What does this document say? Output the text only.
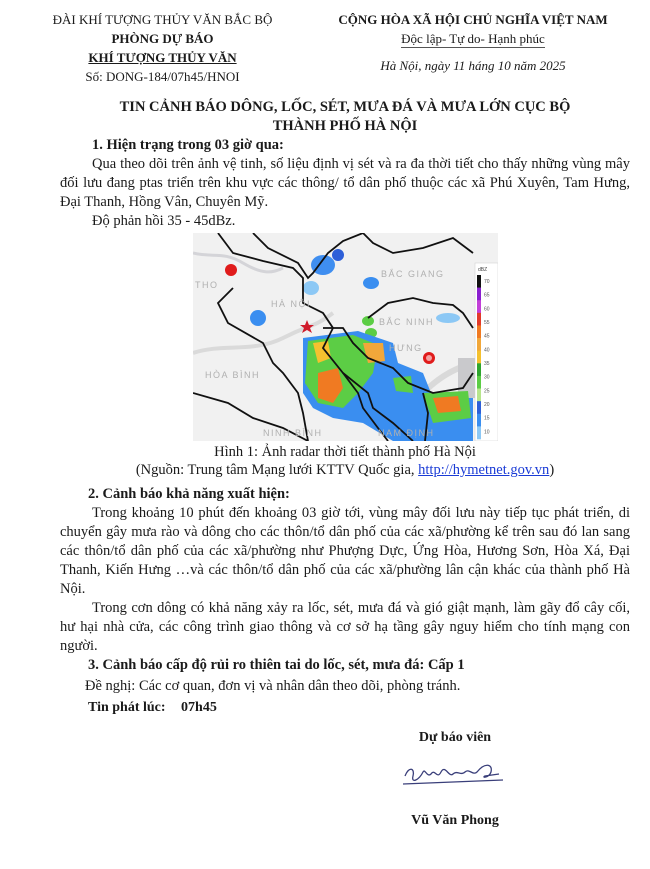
ĐÀI KHÍ TƯỢNG THỦY VĂN BẮC BỘ
PHÒNG DỰ BÁO
KHÍ TƯỢNG THỦY VĂN
Số: DONG-184/07h45/HNOI
CỘNG HÒA XÃ HỘI CHỦ NGHĨA VIỆT NAM
Độc lập- Tự do- Hạnh phúc
Hà Nội, ngày 11 háng 10 năm 2025
TIN CẢNH BÁO DÔNG, LỐC, SÉT, MƯA ĐÁ VÀ MƯA LỚN CỤC BỘ
THÀNH PHỐ HÀ NỘI
1. Hiện trạng trong 03 giờ qua:

Qua theo dõi trên ảnh vệ tinh, số liệu định vị sét và ra đa thời tiết cho thấy những vùng mây đối lưu đang ptas triển trên khu vực các thông/ tổ dân phố thuộc các xã Phú Xuyên, Tam Hưng, Đại Thanh, Hồng Vân, Chuyên Mỹ.

Độ phản hồi 35 - 45dBz.

THO
HÀ NỘI
BẮC GIANG
BẮC NINH
HƯNG
HÒA BÌNH
NINH BÌNH	NAM ĐỊNH
dBZ
70
65
60
55
45
40
35
30
25
20
15
10
Hình 1: Ảnh radar thời tiết thành phố Hà Nội
(Nguồn: Trung tâm Mạng lưới KTTV Quốc gia, http://hymetnet.gov.vn)
2. Cảnh báo khả năng xuất hiện:

Trong khoảng 10 phút đến khoảng 03 giờ tới, vùng mây đối lưu này tiếp tục phát triển, di chuyển gây mưa rào và dông cho các thôn/tổ dân phố của các xã/phường kể trên sau đó lan sang các thôn/tổ dân phố của các xã/phường như Phượng Dực, Ứng Hòa, Hương Sơn, Hòa Xá, Đại Thanh, Kiến Hưng …và các thôn/tổ dân phố của các xã/phường lân cận khác của thành phố Hà Nội.

Trong cơn dông có khả năng xảy ra lốc, sét, mưa đá và gió giật mạnh, làm gãy đổ cây cối, hư hại nhà cửa, các công trình giao thông và cơ sở hạ tầng gây nguy hiểm cho tính mạng con người.

3. Cảnh báo cấp độ rủi ro thiên tai do lốc, sét, mưa đá: Cấp 1

Đề nghị: Các cơ quan, đơn vị và nhân dân theo dõi, phòng tránh.

Tin phát lúc: 07h45
Dự báo viên
Vũ Văn Phong
